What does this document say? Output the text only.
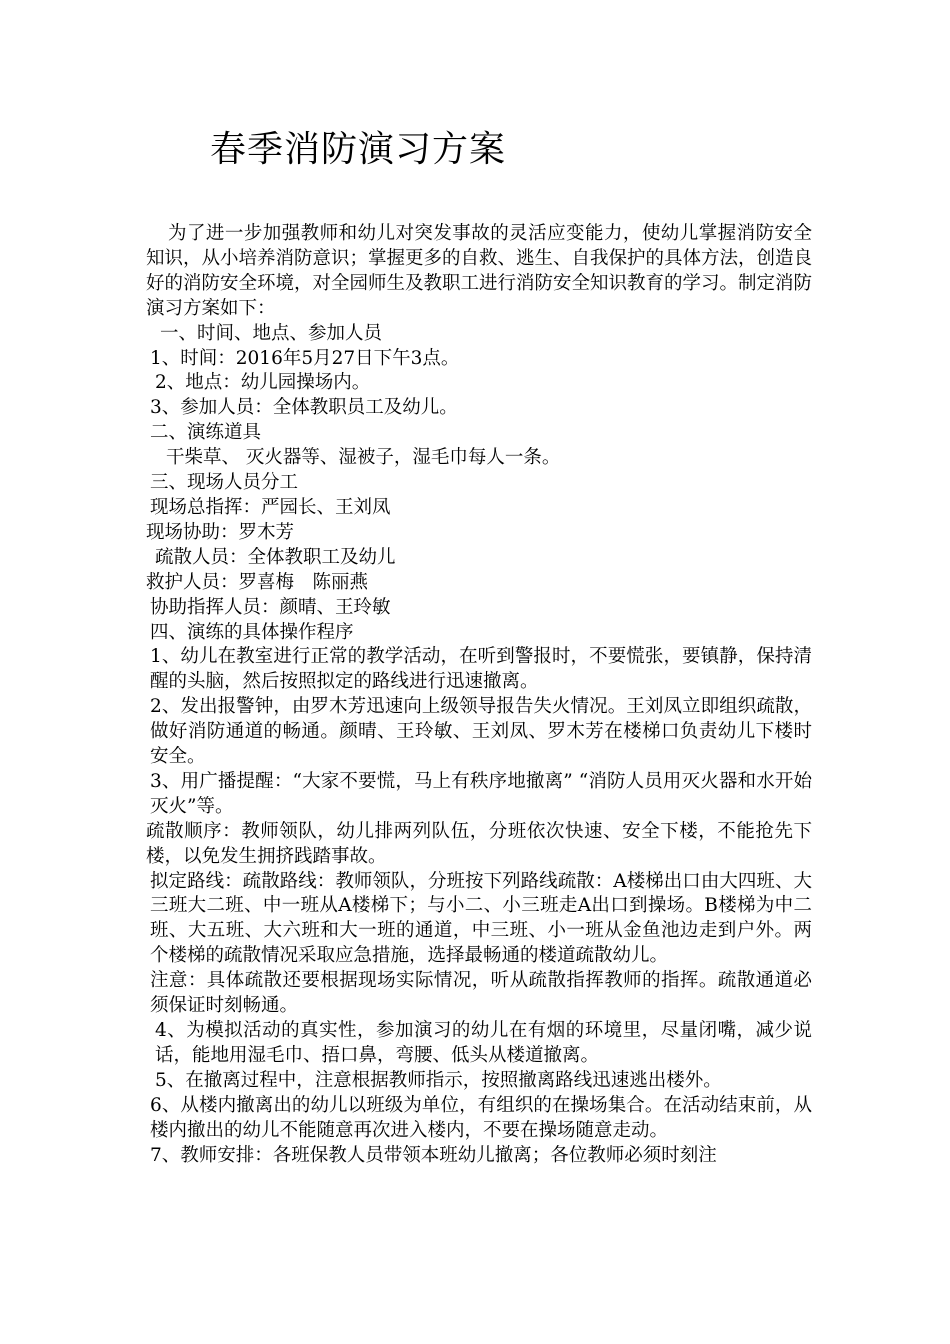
春季消防演习方案

为了进一步加强教师和幼儿对突发事故的灵活应变能力，使幼儿掌握消防安全知识，从小培养消防意识；掌握更多的自救、逃生、自我保护的具体方法，创造良好的消防安全环境，对全园师生及教职工进行消防安全知识教育的学习。制定消防演习方案如下：

一、时间、地点、参加人员

1、时间：2016年5月27日下午3点。

2、地点：幼儿园操场内。

3、参加人员：全体教职员工及幼儿。

二、演练道具

干柴草、 灭火器等、湿被子，湿毛巾每人一条。

三、现场人员分工

现场总指挥：严园长、王刘凤

现场协助：罗木芳

疏散人员：全体教职工及幼儿

救护人员：罗喜梅　陈丽燕

协助指挥人员：颜晴、王玲敏

四、演练的具体操作程序

1、幼儿在教室进行正常的教学活动，在听到警报时，不要慌张，要镇静，保持清醒的头脑，然后按照拟定的路线进行迅速撤离。

2、发出报警钟，由罗木芳迅速向上级领导报告失火情况。王刘凤立即组织疏散，做好消防通道的畅通。颜晴、王玲敏、王刘凤、罗木芳在楼梯口负责幼儿下楼时安全。

3、用广播提醒：“大家不要慌，马上有秩序地撤离” “消防人员用灭火器和水开始灭火”等。

疏散顺序：教师领队，幼儿排两列队伍，分班依次快速、安全下楼，不能抢先下楼，以免发生拥挤践踏事故。

拟定路线：疏散路线：教师领队，分班按下列路线疏散：A楼梯出口由大四班、大三班大二班、中一班从A楼梯下；与小二、小三班走A出口到操场。B楼梯为中二班、大五班、大六班和大一班的通道，中三班、小一班从金鱼池边走到户外。两个楼梯的疏散情况采取应急措施，选择最畅通的楼道疏散幼儿。

注意：具体疏散还要根据现场实际情况，听从疏散指挥教师的指挥。疏散通道必须保证时刻畅通。

4、为模拟活动的真实性，参加演习的幼儿在有烟的环境里，尽量闭嘴，减少说话，能地用湿毛巾、捂口鼻，弯腰、低头从楼道撤离。

5、在撤离过程中，注意根据教师指示，按照撤离路线迅速逃出楼外。

6、从楼内撤离出的幼儿以班级为单位，有组织的在操场集合。在活动结束前，从楼内撤出的幼儿不能随意再次进入楼内，不要在操场随意走动。

7、教师安排：各班保教人员带领本班幼儿撤离；各位教师必须时刻注
